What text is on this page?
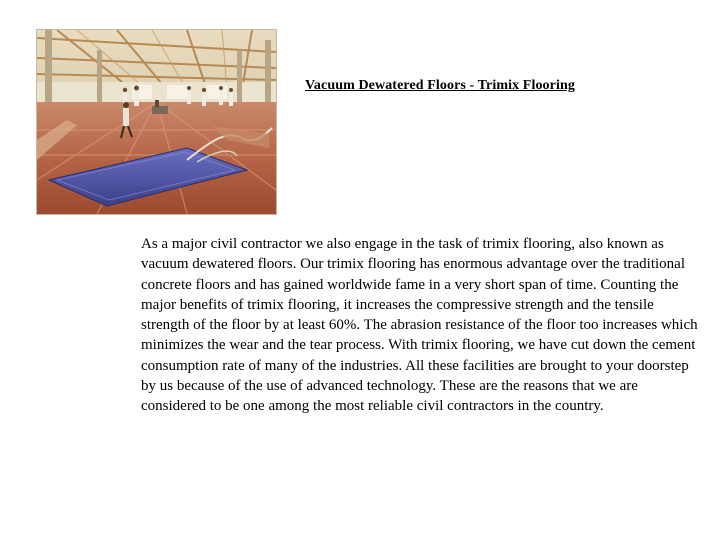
Vacuum Dewatered Floors - Trimix Flooring

As a major civil contractor we also engage in the task of trimix flooring, also known as vacuum dewatered floors. Our trimix flooring has enormous advantage over the traditional concrete floors and has gained worldwide fame in a very short span of time. Counting the major benefits of trimix flooring, it increases the compressive strength and the tensile strength of the floor by at least 60%. The abrasion resistance of the floor too increases which minimizes the wear and the tear process. With trimix flooring, we have cut down the cement consumption rate of many of the industries. All these facilities are brought to your doorstep by us because of the use of advanced technology. These are the reasons that we are considered to be one among the most reliable civil contractors in the country.
